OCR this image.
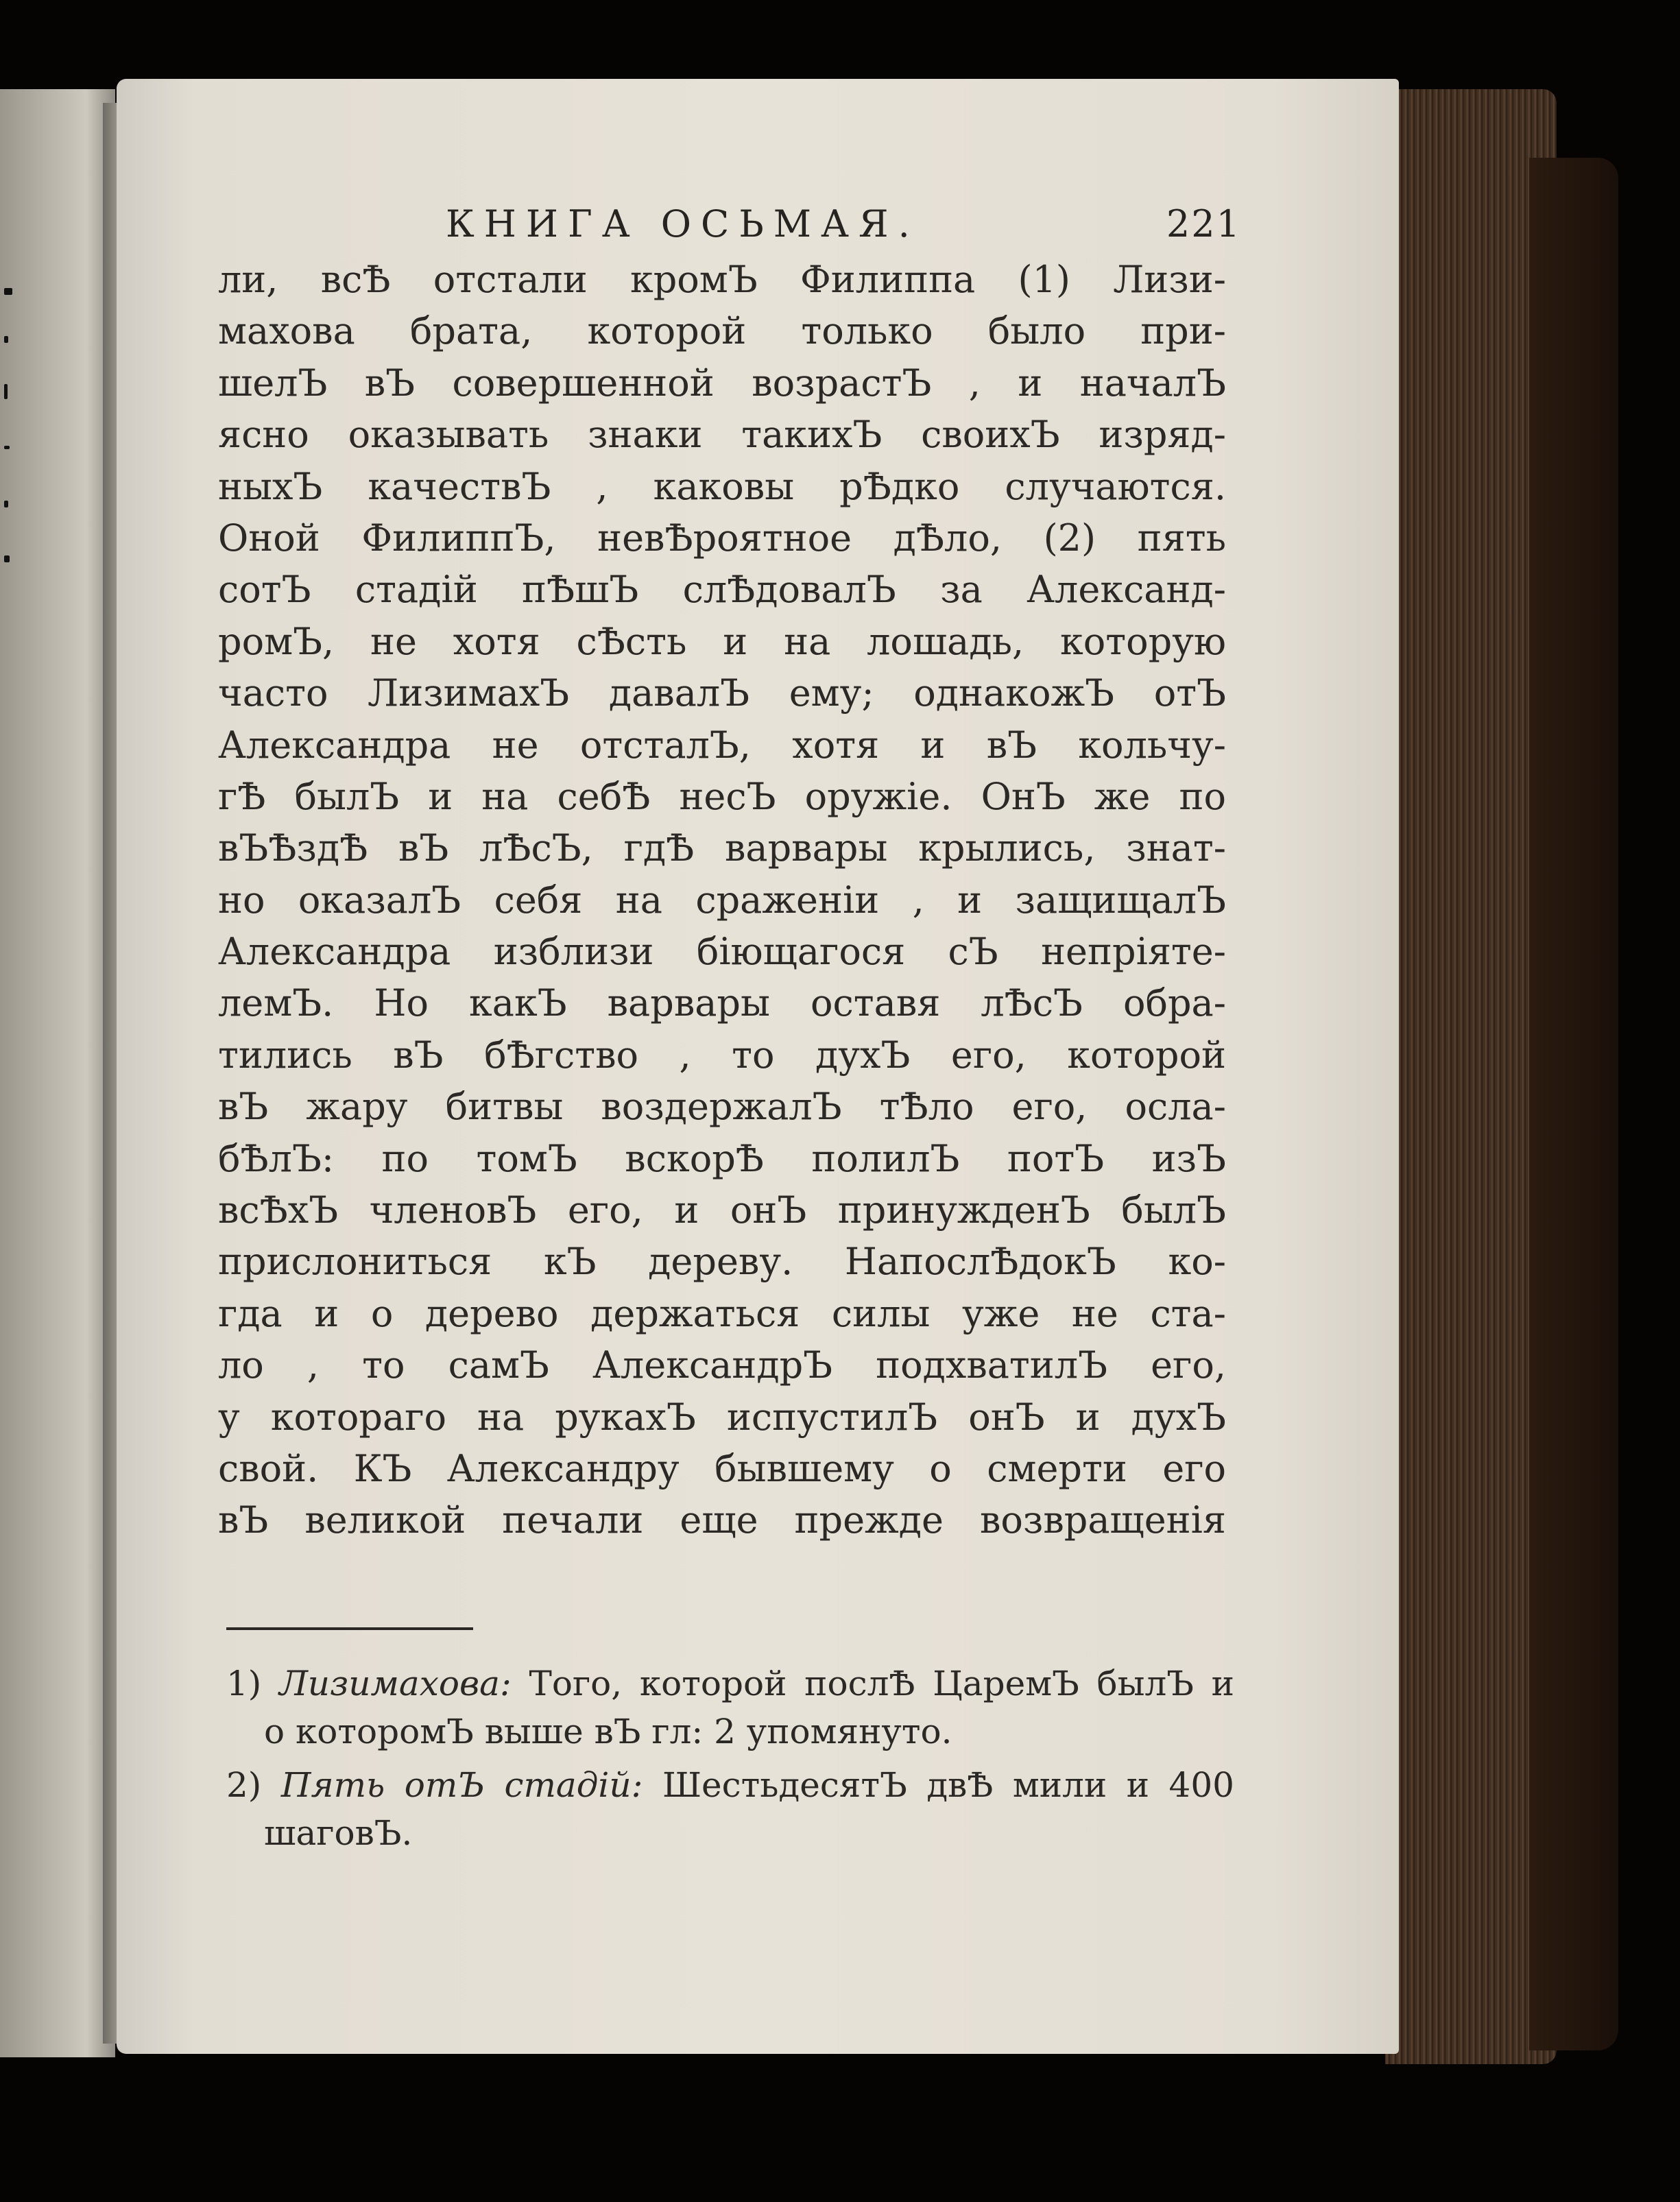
КНИГА ОСЬМАЯ.	221
ли, всѢ отстали кромЪ Филиппа (1) Лизи-
махова брата, которой только было при-
шелЪ вЪ совершенной возрастЪ , и началЪ
ясно оказывать знаки такихЪ своихЪ изряд-
ныхЪ качествЪ , каковы рѢдко случаются.
Оной ФилиппЪ, невѢроятное дѢло, (2) пять
сотЪ стадій пѢшЪ слѢдовалЪ за Александ-
ромЪ, не хотя сѢсть и на лошадь, которую
часто ЛизимахЪ давалЪ ему; однакожЪ отЪ
Александра не отсталЪ, хотя и вЪ кольчу-
гѢ былЪ и на себѢ несЪ оружіе. ОнЪ же по
вЪѢздѢ вЪ лѢсЪ, гдѢ варвары крылись, знат-
но оказалЪ себя на сраженіи , и защищалЪ
Александра изблизи біющагося сЪ непріяте-
лемЪ. Но какЪ варвары оставя лѢсЪ обра-
тились вЪ бѢгство , то духЪ его, которой
вЪ жару битвы воздержалЪ тѢло его, осла-
бѢлЪ: по томЪ вскорѢ полилЪ потЪ изЪ
всѢхЪ членовЪ его, и онЪ принужденЪ былЪ
прислониться кЪ дереву. НапослѢдокЪ ко-
гда и о дерево держаться силы уже не ста-
ло , то самЪ АлександрЪ подхватилЪ его,
у котораго на рукахЪ испустилЪ онЪ и духЪ
свой. КЪ Александру бывшему о смерти его
вЪ великой печали еще прежде возвращенія
1) Лизимахова: Того, которой послѢ ЦаремЪ былЪ и
о которомЪ выше вЪ гл: 2 упомянуто.
2) Пять отЪ стадій: ШестьдесятЪ двѢ мили и 400
шаговЪ.
